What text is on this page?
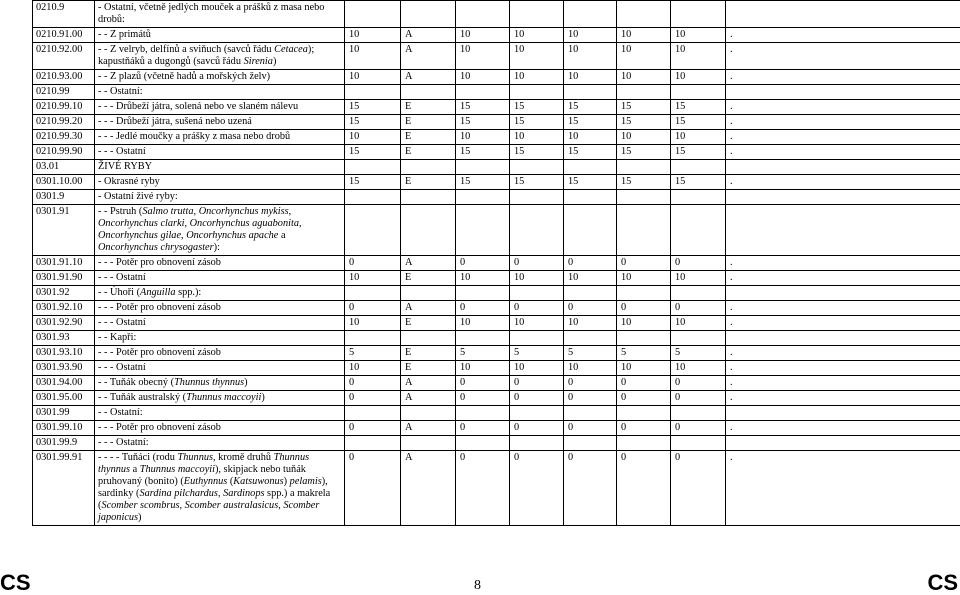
0210.9	- Ostatní, včetně jedlých mouček a prášků z masa nebo drobů:								
0210.91.00	- - Z primátů	10	A	10	10	10	10	10	.
0210.92.00	- - Z velryb, delfínů a sviňuch (savců řádu Cetacea); kapustňáků a dugongů (savců řádu Sirenia)	10	A	10	10	10	10	10	.
0210.93.00	- - Z plazů (včetně hadů a mořských želv)	10	A	10	10	10	10	10	.
0210.99	- - Ostatní:								
0210.99.10	- - - Drůbeží játra, solená nebo ve slaném nálevu	15	E	15	15	15	15	15	.
0210.99.20	- - - Drůbeží játra, sušená nebo uzená	15	E	15	15	15	15	15	.
0210.99.30	- - - Jedlé moučky a prášky z masa nebo drobů	10	E	10	10	10	10	10	.
0210.99.90	- - - Ostatní	15	E	15	15	15	15	15	.
03.01	ŽIVÉ RYBY								
0301.10.00	- Okrasné ryby	15	E	15	15	15	15	15	.
0301.9	- Ostatní živé ryby:								
0301.91	- - Pstruh (Salmo trutta, Oncorhynchus mykiss, Oncorhynchus clarki, Oncorhynchus aguabonita, Oncorhynchus gilae, Oncorhynchus apache a Oncorhynchus chrysogaster):								
0301.91.10	- - - Potěr pro obnovení zásob	0	A	0	0	0	0	0	.
0301.91.90	- - - Ostatní	10	E	10	10	10	10	10	.
0301.92	- - Úhoři (Anguilla spp.):								
0301.92.10	- - - Potěr pro obnovení zásob	0	A	0	0	0	0	0	.
0301.92.90	- - - Ostatní	10	E	10	10	10	10	10	.
0301.93	- - Kapři:								
0301.93.10	- - - Potěr pro obnovení zásob	5	E	5	5	5	5	5	.
0301.93.90	- - - Ostatní	10	E	10	10	10	10	10	.
0301.94.00	- - Tuňák obecný (Thunnus thynnus)	0	A	0	0	0	0	0	.
0301.95.00	- - Tuňák australský (Thunnus maccoyii)	0	A	0	0	0	0	0	.
0301.99	- - Ostatní:								
0301.99.10	- - - Potěr pro obnovení zásob	0	A	0	0	0	0	0	.
0301.99.9	- - - Ostatní:								
0301.99.91	- - - - Tuňáci (rodu Thunnus, kromě druhů Thunnus thynnus a Thunnus maccoyii), skipjack nebo tuňák pruhovaný (bonito) (Euthynnus (Katsuwonus) pelamis), sardinky (Sardina pilchardus, Sardinops spp.) a makrela (Scomber scombrus, Scomber australasicus, Scomber japonicus)	0	A	0	0	0	0	0	.
CS	8	CS
